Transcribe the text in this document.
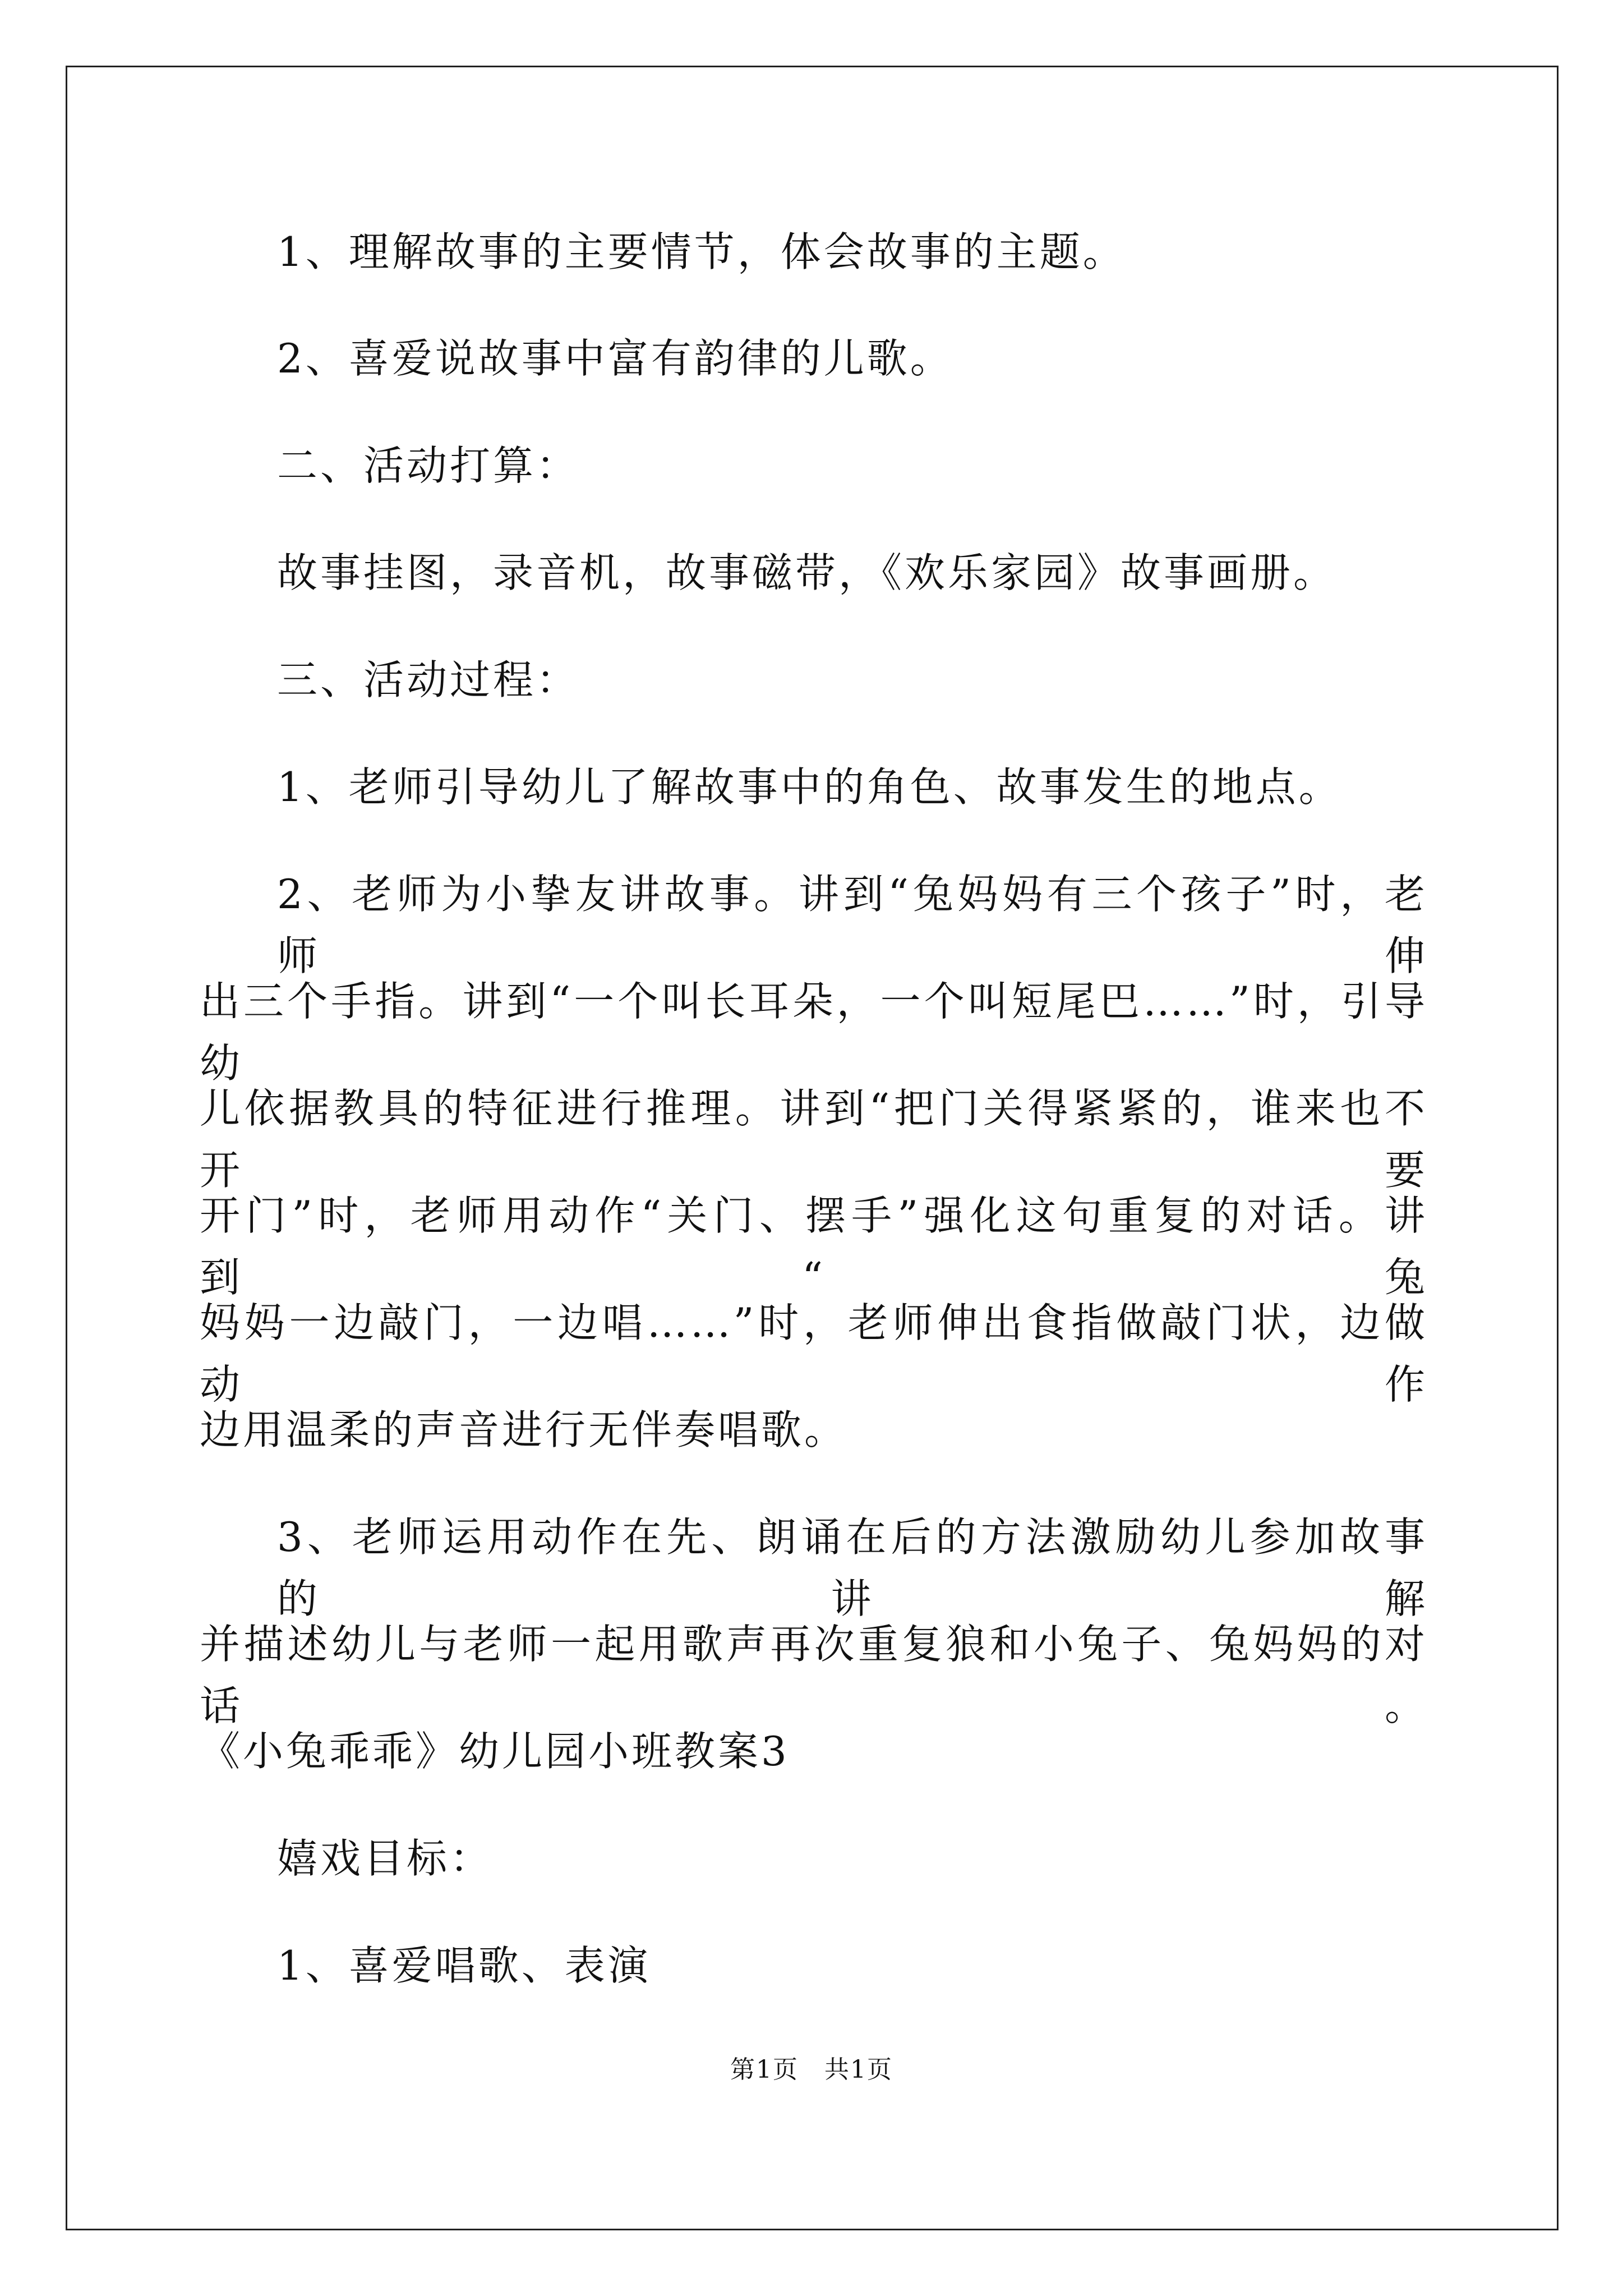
1、理解故事的主要情节，体会故事的主题。
2、喜爱说故事中富有韵律的儿歌。
二、活动打算：
故事挂图，录音机，故事磁带，《欢乐家园》故事画册。
三、活动过程：
1、老师引导幼儿了解故事中的角色、故事发生的地点。
2、老师为小挚友讲故事。讲到“兔妈妈有三个孩子”时，老师伸
出三个手指。讲到“一个叫长耳朵，一个叫短尾巴……”时，引导幼
儿依据教具的特征进行推理。讲到“把门关得紧紧的，谁来也不开要
开门”时，老师用动作“关门、摆手”强化这句重复的对话。讲到“兔
妈妈一边敲门，一边唱……”时，老师伸出食指做敲门状，边做动作
边用温柔的声音进行无伴奏唱歌。
3、老师运用动作在先、朗诵在后的方法激励幼儿参加故事的讲解
并描述幼儿与老师一起用歌声再次重复狼和小兔子、兔妈妈的对话。
《小兔乖乖》幼儿园小班教案3
嬉戏目标：
1、喜爱唱歌、表演
第1页　共1页
